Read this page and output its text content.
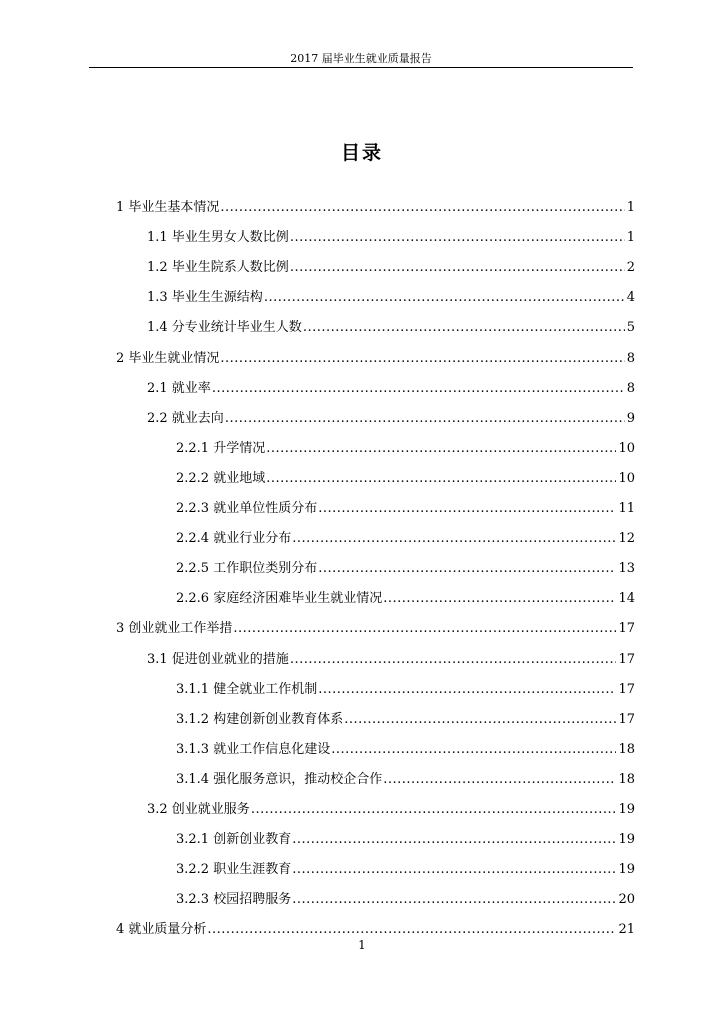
2017 届毕业生就业质量报告
目录
1 毕业生基本情况 .....	1
1.1 毕业生男女人数比例 .....	1
1.2 毕业生院系人数比例 .....	2
1.3 毕业生生源结构 .....	4
1.4 分专业统计毕业生人数 .....	5
2 毕业生就业情况 .....	8
2.1 就业率 .....	8
2.2 就业去向 .....	9
2.2.1 升学情况 .....	10
2.2.2 就业地域 .....	10
2.2.3 就业单位性质分布 .....	11
2.2.4 就业行业分布 .....	12
2.2.5 工作职位类别分布 .....	13
2.2.6 家庭经济困难毕业生就业情况 .....	14
3 创业就业工作举措 .....	17
3.1 促进创业就业的措施 .....	17
3.1.1 健全就业工作机制 .....	17
3.1.2 构建创新创业教育体系 .....	17
3.1.3 就业工作信息化建设 .....	18
3.1.4 强化服务意识，推动校企合作 .....	18
3.2 创业就业服务 .....	19
3.2.1 创新创业教育 .....	19
3.2.2 职业生涯教育 .....	19
3.2.3 校园招聘服务 .....	20
4 就业质量分析 .....	21
1
